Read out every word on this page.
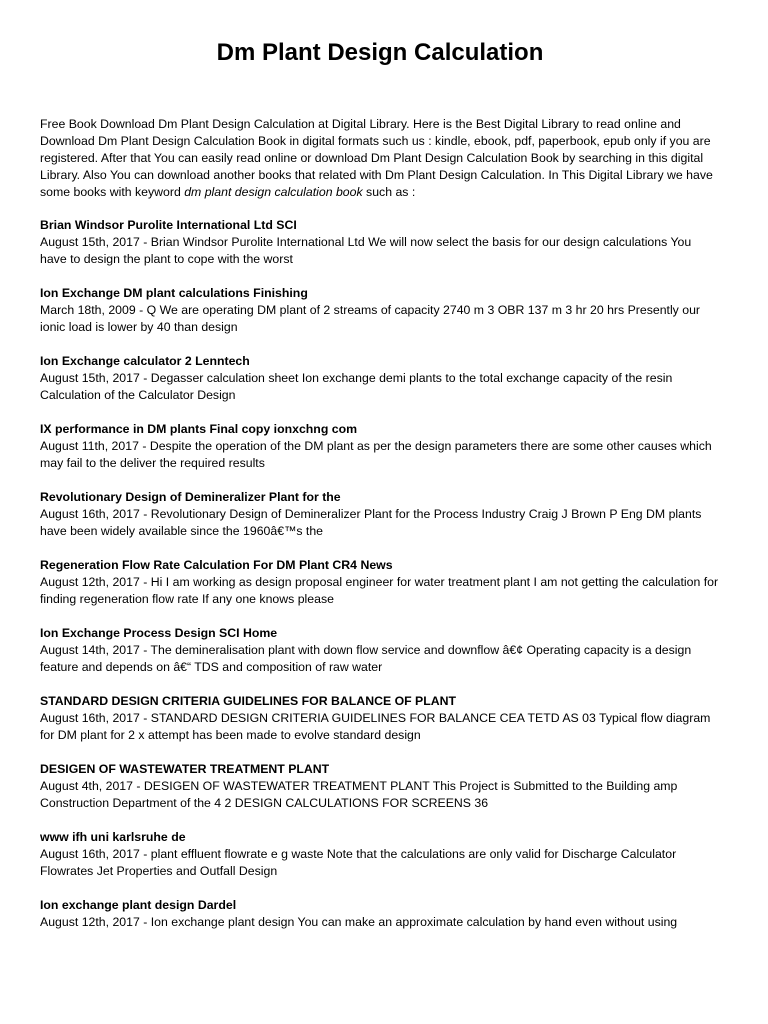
Dm Plant Design Calculation

Free Book Download Dm Plant Design Calculation at Digital Library. Here is the Best Digital Library to read online and Download Dm Plant Design Calculation Book in digital formats such us : kindle, ebook, pdf, paperbook, epub only if you are registered. After that You can easily read online or download Dm Plant Design Calculation Book by searching in this digital Library. Also You can download another books that related with Dm Plant Design Calculation. In This Digital Library we have some books with keyword dm plant design calculation book such as :

Brian Windsor Purolite International Ltd SCI
August 15th, 2017 - Brian Windsor Purolite International Ltd We will now select the basis for our design calculations You have to design the plant to cope with the worst
Ion Exchange DM plant calculations Finishing
March 18th, 2009 - Q We are operating DM plant of 2 streams of capacity 2740 m 3 OBR 137 m 3 hr 20 hrs Presently our ionic load is lower by 40 than design
Ion Exchange calculator 2 Lenntech
August 15th, 2017 - Degasser calculation sheet Ion exchange demi plants to the total exchange capacity of the resin Calculation of the Calculator Design
IX performance in DM plants Final copy ionxchng com
August 11th, 2017 - Despite the operation of the DM plant as per the design parameters there are some other causes which may fail to the deliver the required results
Revolutionary Design of Demineralizer Plant for the
August 16th, 2017 - Revolutionary Design of Demineralizer Plant for the Process Industry Craig J Brown P Eng DM plants have been widely available since the 1960â€™s the
Regeneration Flow Rate Calculation For DM Plant CR4 News
August 12th, 2017 - Hi I am working as design proposal engineer for water treatment plant I am not getting the calculation for finding regeneration flow rate If any one knows please
Ion Exchange Process Design SCI Home
August 14th, 2017 - The demineralisation plant with down flow service and downflow â€¢ Operating capacity is a design feature and depends on â€“ TDS and composition of raw water
STANDARD DESIGN CRITERIA GUIDELINES FOR BALANCE OF PLANT
August 16th, 2017 - STANDARD DESIGN CRITERIA GUIDELINES FOR BALANCE CEA TETD AS 03 Typical flow diagram for DM plant for 2 x attempt has been made to evolve standard design
DESIGEN OF WASTEWATER TREATMENT PLANT
August 4th, 2017 - DESIGEN OF WASTEWATER TREATMENT PLANT This Project is Submitted to the Building amp Construction Department of the 4 2 DESIGN CALCULATIONS FOR SCREENS 36
www ifh uni karlsruhe de
August 16th, 2017 - plant effluent flowrate e g waste Note that the calculations are only valid for Discharge Calculator Flowrates Jet Properties and Outfall Design
Ion exchange plant design Dardel
August 12th, 2017 - Ion exchange plant design You can make an approximate calculation by hand even without using
